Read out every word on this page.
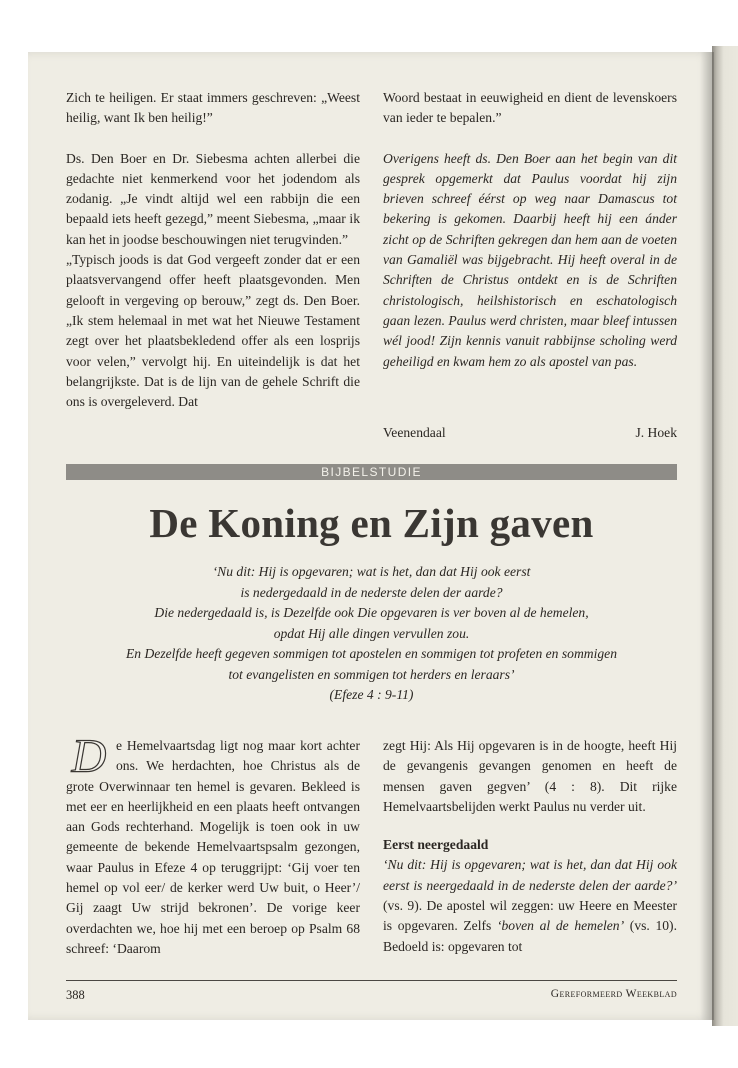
Zich te heiligen. Er staat immers geschreven: „Weest heilig, want Ik ben heilig!”

Ds. Den Boer en Dr. Siebesma achten allerbei die gedachte niet kenmerkend voor het jodendom als zodanig. „Je vindt altijd wel een rabbijn die een bepaald iets heeft gezegd,” meent Siebesma, „maar ik kan het in joodse beschouwingen niet terugvinden.”

„Typisch joods is dat God vergeeft zonder dat er een plaatsvervangend offer heeft plaatsgevonden. Men gelooft in vergeving op berouw,” zegt ds. Den Boer. „Ik stem helemaal in met wat het Nieuwe Testament zegt over het plaatsbekledend offer als een losprijs voor velen,” vervolgt hij. En uiteindelijk is dat het belangrijkste. Dat is de lijn van de gehele Schrift die ons is overgeleverd. Dat

Woord bestaat in eeuwigheid en dient de levenskoers van ieder te bepalen.”

Overigens heeft ds. Den Boer aan het begin van dit gesprek opgemerkt dat Paulus voordat hij zijn brieven schreef éérst op weg naar Damascus tot bekering is gekomen. Daarbij heeft hij een ánder zicht op de Schriften gekregen dan hem aan de voeten van Gamaliël was bijgebracht. Hij heeft overal in de Schriften de Christus ontdekt en is de Schriften christologisch, heilshistorisch en eschatologisch gaan lezen. Paulus werd christen, maar bleef intussen wél jood! Zijn kennis vanuit rabbijnse scholing werd geheiligd en kwam hem zo als apostel van pas.

Veenendaal	J. Hoek
BIJBELSTUDIE
De Koning en Zijn gaven
‘Nu dit: Hij is opgevaren; wat is het, dan dat Hij ook eerst
is nedergedaald in de nederste delen der aarde?
Die nedergedaald is, is Dezelfde ook Die opgevaren is ver boven al de hemelen,
opdat Hij alle dingen vervullen zou.
En Dezelfde heeft gegeven sommigen tot apostelen en sommigen tot profeten en sommigen
tot evangelisten en sommigen tot herders en leraars’
(Efeze 4 : 9-11)

De Hemelvaartsdag ligt nog maar kort achter ons. We herdachten, hoe Christus als de grote Overwinnaar ten hemel is gevaren. Bekleed is met eer en heerlijkheid en een plaats heeft ontvangen aan Gods rechterhand. Mogelijk is toen ook in uw gemeente de bekende Hemelvaartspsalm gezongen, waar Paulus in Efeze 4 op teruggrijpt: ‘Gij voer ten hemel op vol eer/ de kerker werd Uw buit, o Heer’/ Gij zaagt Uw strijd bekronen’. De vorige keer overdachten we, hoe hij met een beroep op Psalm 68 schreef: ‘Daarom

zegt Hij: Als Hij opgevaren is in de hoogte, heeft Hij de gevangenis gevangen genomen en heeft de mensen gaven gegven’ (4 : 8). Dit rijke Hemelvaartsbelijden werkt Paulus nu verder uit.

Eerst neergedaald

‘Nu dit: Hij is opgevaren; wat is het, dan dat Hij ook eerst is neergedaald in de nederste delen der aarde?’ (vs. 9). De apostel wil zeggen: uw Heere en Meester is opgevaren. Zelfs ‘boven al de hemelen’ (vs. 10). Bedoeld is: opgevaren tot

388	Gereformeerd Weekblad
